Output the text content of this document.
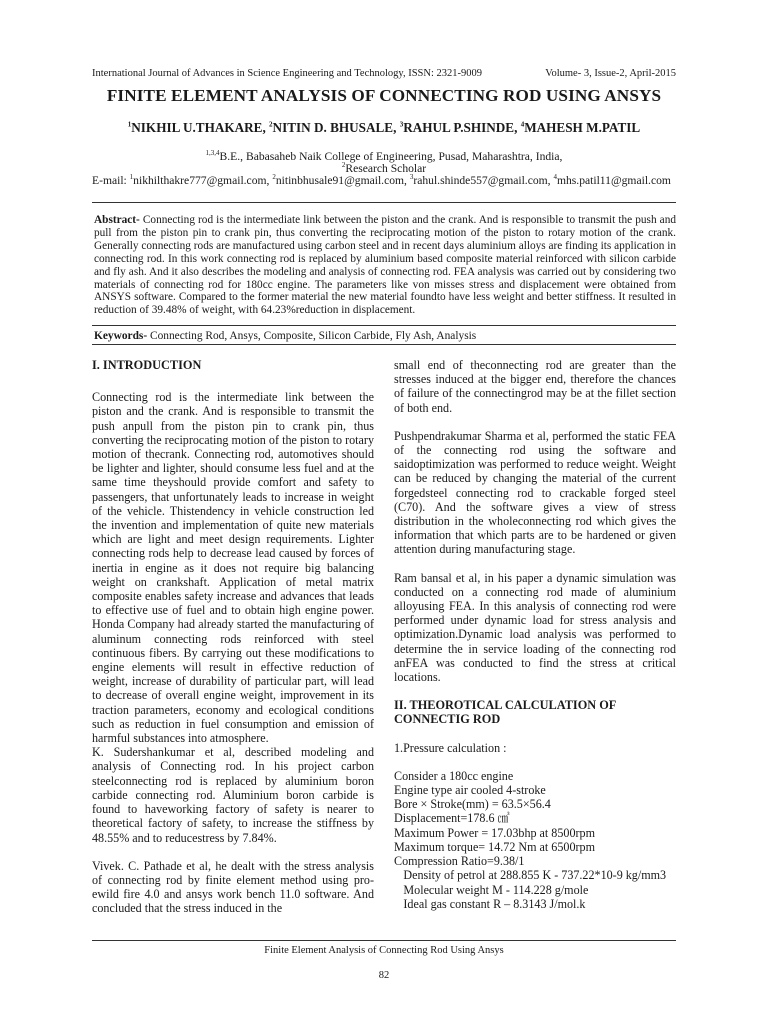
International Journal of Advances in Science Engineering and Technology, ISSN: 2321-9009	Volume- 3, Issue-2, April-2015
FINITE ELEMENT ANALYSIS OF CONNECTING ROD USING ANSYS
$^1$NIKHIL U.THAKARE, $^2$NITIN D. BHUSALE, $^3$RAHUL P.SHINDE, $^4$MAHESH M.PATIL
$^{1,3,4}$B.E., Babasaheb Naik College of Engineering, Pusad, Maharashtra, India,
$^2$Research Scholar
E-mail: $^1$nikhilthakre777@gmail.com, $^2$nitinbhusale91@gmail.com, $^3$rahul.shinde557@gmail.com, $^4$mhs.patil11@gmail.com
Abstract- Connecting rod is the intermediate link between the piston and the crank. And is responsible to transmit the push and pull from the piston pin to crank pin, thus converting the reciprocating motion of the piston to rotary motion of the crank. Generally connecting rods are manufactured using carbon steel and in recent days aluminium alloys are finding its application in connecting rod. In this work connecting rod is replaced by aluminium based composite material reinforced with silicon carbide and fly ash. And it also describes the modeling and analysis of connecting rod. FEA analysis was carried out by considering two materials of connecting rod for 180cc engine. The parameters like von misses stress and displacement were obtained from ANSYS software. Compared to the former material the new material foundto have less weight and better stiffness. It resulted in reduction of 39.48% of weight, with 64.23%reduction in displacement.
Keywords- Connecting Rod, Ansys, Composite, Silicon Carbide, Fly Ash, Analysis

I. INTRODUCTION

Connecting rod is the intermediate link between the piston and the crank. And is responsible to transmit the push anpull from the piston pin to crank pin, thus converting the reciprocating motion of the piston to rotary motion of thecrank. Connecting rod, automotives should be lighter and lighter, should consume less fuel and at the same time theyshould provide comfort and safety to passengers, that unfortunately leads to increase in weight of the vehicle. Thistendency in vehicle construction led the invention and implementation of quite new materials which are light and meet design requirements. Lighter connecting rods help to decrease lead caused by forces of inertia in engine as it does not require big balancing weight on crankshaft. Application of metal matrix composite enables safety increase and advances that leads to effective use of fuel and to obtain high engine power. Honda Company had already started the manufacturing of aluminum connecting rods reinforced with steel continuous fibers. By carrying out these modifications to engine elements will result in effective reduction of weight, increase of durability of particular part, will lead to decrease of overall engine weight, improvement in its traction parameters, economy and ecological conditions such as reduction in fuel consumption and emission of harmful substances into atmosphere.

K. Sudershankumar et al, described modeling and analysis of Connecting rod. In his project carbon steelconnecting rod is replaced by aluminium boron carbide connecting rod. Aluminium boron carbide is found to haveworking factory of safety is nearer to theoretical factory of safety, to increase the stiffness by 48.55% and to reducestress by 7.84%.

Vivek. C. Pathade et al, he dealt with the stress analysis of connecting rod by finite element method using pro-ewild fire 4.0 and ansys work bench 11.0 software. And concluded that the stress induced in the

small end of theconnecting rod are greater than the stresses induced at the bigger end, therefore the chances of failure of the connectingrod may be at the fillet section of both end.

Pushpendrakumar Sharma et al, performed the static FEA of the connecting rod using the software and saidoptimization was performed to reduce weight. Weight can be reduced by changing the material of the current forgedsteel connecting rod to crackable forged steel (C70). And the software gives a view of stress distribution in the wholeconnecting rod which gives the information that which parts are to be hardened or given attention during manufacturing stage.

Ram bansal et al, in his paper a dynamic simulation was conducted on a connecting rod made of aluminium alloyusing FEA. In this analysis of connecting rod were performed under dynamic load for stress analysis and optimization.Dynamic load analysis was performed to determine the in service loading of the connecting rod anFEA was conducted to find the stress at critical locations.

II. THEOROTICAL CALCULATION OF CONNECTIG ROD

1.Pressure calculation :

Consider a 180cc engine

Engine type air cooled 4-stroke

Bore × Stroke(mm) = 63.5×56.4

Displacement=178.6 ㎤

Maximum Power = 17.03bhp at 8500rpm

Maximum torque= 14.72 Nm at 6500rpm

Compression Ratio=9.38/1

 Density of petrol at 288.855 K - 737.22*10-9 kg/mm3

 Molecular weight M - 114.228 g/mole

 Ideal gas constant R – 8.3143 J/mol.k

Finite Element Analysis of Connecting Rod Using Ansys
82
